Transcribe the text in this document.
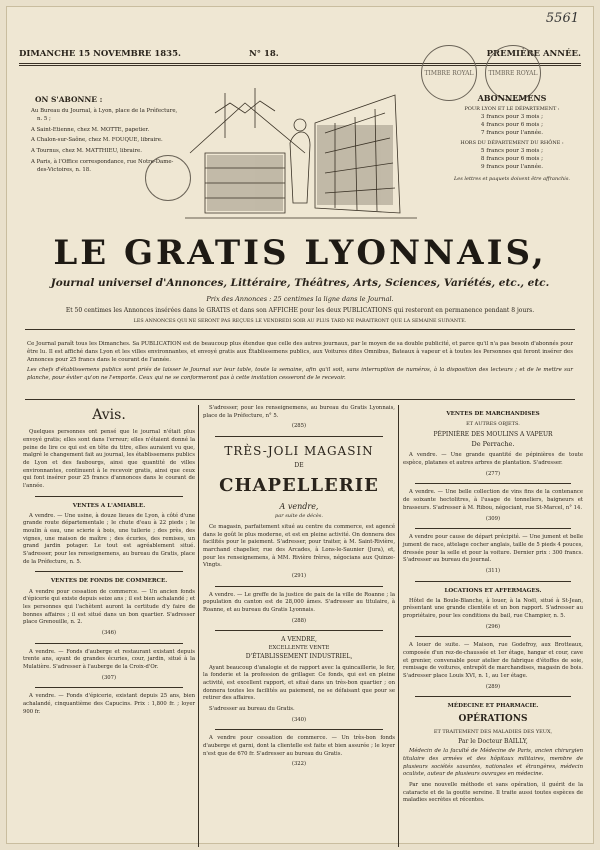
5561
DIMANCHE 15 NOVEMBRE 1835.	N° 18.	PREMIÈRE ANNÉE.
TIMBRE ROYAL	TIMBRE ROYAL
ON S'ABONNE :
Au Bureau du Journal, à Lyon, place de la Préfecture, n. 5 ;
A Saint-Etienne, chez M. MOTTE, papetier.
A Chalon-sur-Saône, chez M. FOUQUE, libraire.
A Tournus, chez M. MATTHIEU, libraire.
A Paris, à l'Office correspondance, rue Notre-Dame-des-Victoires, n. 18.
ABONNEMENS
POUR LYON ET LE DÉPARTEMENT :
3 francs pour 3 mois ;
4 francs pour 6 mois ;
7 francs pour l'année.
HORS DU DÉPARTEMENT DU RHÔNE :
5 francs pour 3 mois ;
8 francs pour 6 mois ;
9 francs pour l'année.
Les lettres et paquets doivent être affranchis.
LE GRATIS LYONNAIS,
Journal universel d'Annonces, Littéraire, Théâtres, Arts, Sciences, Variétés, etc., etc.
Prix des Annonces : 25 centimes la ligne dans le Journal.
Et 50 centimes les Annonces insérées dans le GRATIS et dans son AFFICHE pour les deux PUBLICATIONS qui resteront en permanence pendant 8 jours.
LES ANNONCES QUI NE SERONT PAS REÇUES LE VENDREDI SOIR AU PLUS TARD NE PARAITRONT QUE LA SEMAINE SUIVANTE.
Ce Journal paraît tous les Dimanches. Sa PUBLICATION est de beaucoup plus étendue que celle des autres journaux, par le moyen de sa double publicité, et parce qu'il n'a pas besoin d'abonnés pour être lu. Il est affiché dans Lyon et les villes environnantes, et envoyé gratis aux Établissemens publics, aux Voitures dites Omnibus, Bateaux à vapeur et à toutes les Personnes qui feront insérer des Annonces pour 25 francs dans le courant de l'année.
Les chefs d'établissemens publics sont priés de laisser le Journal sur leur table, toute la semaine, afin qu'il soit, sans interruption de numéros, à la disposition des lecteurs ; et de le mettre sur planche, pour éviter qu'on ne l'emporte. Ceux qui ne se conformeront pas à cette invitation cesseront de le recevoir.
Avis.

Quelques personnes ont pensé que le journal n'était plus envoyé gratis; elles sont dans l'erreur; elles n'étaient donné la peine de lire ce qui est en tête du titre, elles auraient vu que, malgré le changement fait au journal, les établissemens publics de Lyon et des faubourgs, ainsi que quantité de villes environnantes, continuent à le recevoir gratis, ainsi que ceux qui font insérer pour 25 francs d'annonces dans le courant de l'année.

VENTES A L'AMIABLE.

A vendre. — Une usine, à douze lieues de Lyon, à côté d'une grande route départementale ; le chute d'eau à 22 pieds ; le moulin à eau, une scierie à bois, une tuilerie ; des près, des vignes, une maison de maître ; des écuries, des remises, un grand jardin potager. Le tout est agréablement situé. S'adresser, pour les renseignemens, au bureau du Gratis, place de la Préfecture, n. 5.

VENTES DE FONDS DE COMMERCE.

A vendre pour cessation de commerce. — Un ancien fonds d'épicerie qui existe depuis seize ans ; il est bien achalandé ; et les personnes qui l'achètent auront la certitude d'y faire de bonnes affaires ; il est situé dans un bon quartier. S'adresser place Grenouille, n. 2.

(346)

A vendre. — Fonds d'auberge et restaurant existant depuis trente ans, ayant de grandes écuries, cour, jardin, situé à la Mulatière. S'adresser à l'auberge de la Croix-d'Or.

(307)

A vendre. — Fonds d'épicerie, existant depuis 25 ans, bien achalandé, cinquantième des Capucins. Prix : 1,800 fr. ; loyer 900 fr.

S'adresser, pour les renseignemens, au bureau du Gratis Lyonnais, place de la Préfecture, n° 5.

(285)
TRÈS-JOLI MAGASIN
DE
CHAPELLERIE
A vendre,
par suite de décès.

Ce magasin, parfaitement situé au centre du commerce, est agencé dans le goût le plus moderne, et est en pleine activité. On donnera des facilités pour le paiement. S'adresser, pour traiter, à M. Saint-Rivière, marchand chapelier, rue des Arcades, à Lons-le-Saunier (Jura), et, pour les renseignemens, à MM. Rivière frères, négocians aux Quinze-Vingts.

(291)

A vendre. — Le greffe de la justice de paix de la ville de Roanne ; la population du canton est de 28,000 âmes. S'adresser au titulaire, à Roanne, et au bureau du Gratis Lyonnais.

(288)
A VENDRE,
EXCELLENTE VENTE
D'ÉTABLISSEMENT INDUSTRIEL,

Ayant beaucoup d'analogie et de rapport avec la quincaillerie, le fer, la fonderie et la profession de grillager. Ce fonds, qui est en pleine activité, est excellent rapport, et situé dans un très-bon quartier ; on donnera toutes les facilités au paiement, ne se défaisant que pour se retirer des affaires.

S'adresser au bureau du Gratis.

(340)

A vendre pour cessation de commerce. — Un très-bon fonds d'auberge et garni, dont la clientelle est faite et bien assurée ; le loyer n'est que de 670 fr. S'adresser au bureau du Gratis.

(322)
VENTES DE MARCHANDISES
ET AUTRES OBJETS.
PÉPINIÈRE DES MOULINS A VAPEUR
De Perrache.

A vendre. — Une grande quantité de pépinières de toute espèce, platanes et autres arbres de plantation. S'adresser.

(277)

A vendre. — Une belle collection de vins fins de la contenance de soixante hectolitres, à l'usage de tonneliers, baigneurs et brasseurs. S'adresser à M. Ribou, négociant, rue St-Marcel, n° 14.

(309)

A vendre pour cause de départ précipité. — Une jument et belle jument de race, attelage cocher anglais, taille de 5 pieds 4 pouces, dressée pour la selle et pour la voiture. Dernier prix : 300 francs. S'adresser au bureau du journal.

(311)
LOCATIONS ET AFFERMAGES.

Hôtel de la Boule-Blanche, à louer, à la Noël, situé à St-Jean, présentant une grande clientèle et un bon rapport. S'adresser au propriétaire, pour les conditions du bail, rue Champier, n. 5.

(296)

A louer de suite. — Maison, rue Godefroy, aux Brotteaux, composée d'un rez-de-chaussée et 1er étage, hangar et cour, cave et grenier, convenable pour atelier de fabrique d'étoffes de soie, remisage de voitures, entrepôt de marchandises, magasin de bois. S'adresser place Louis XVI, n. 1, au 1er étage.

(289)
MÉDECINE ET PHARMACIE.
OPÉRATIONS
ET TRAITEMENT DES MALADIES DES YEUX,
Par le Docteur BAILLY,

Médecin de la faculté de Médecine de Paris, ancien chirurgien titulaire des armées et des hôpitaux militaires, membre de plusieurs sociétés savantes, nationales et étrangères, médecin oculiste, auteur de plusieurs ouvrages en médecine.

Par une nouvelle méthode et sans opération, il guérit de la cataracte et de la goutte sereine. Il traite aussi toutes espèces de maladies secrètes et récentes.
